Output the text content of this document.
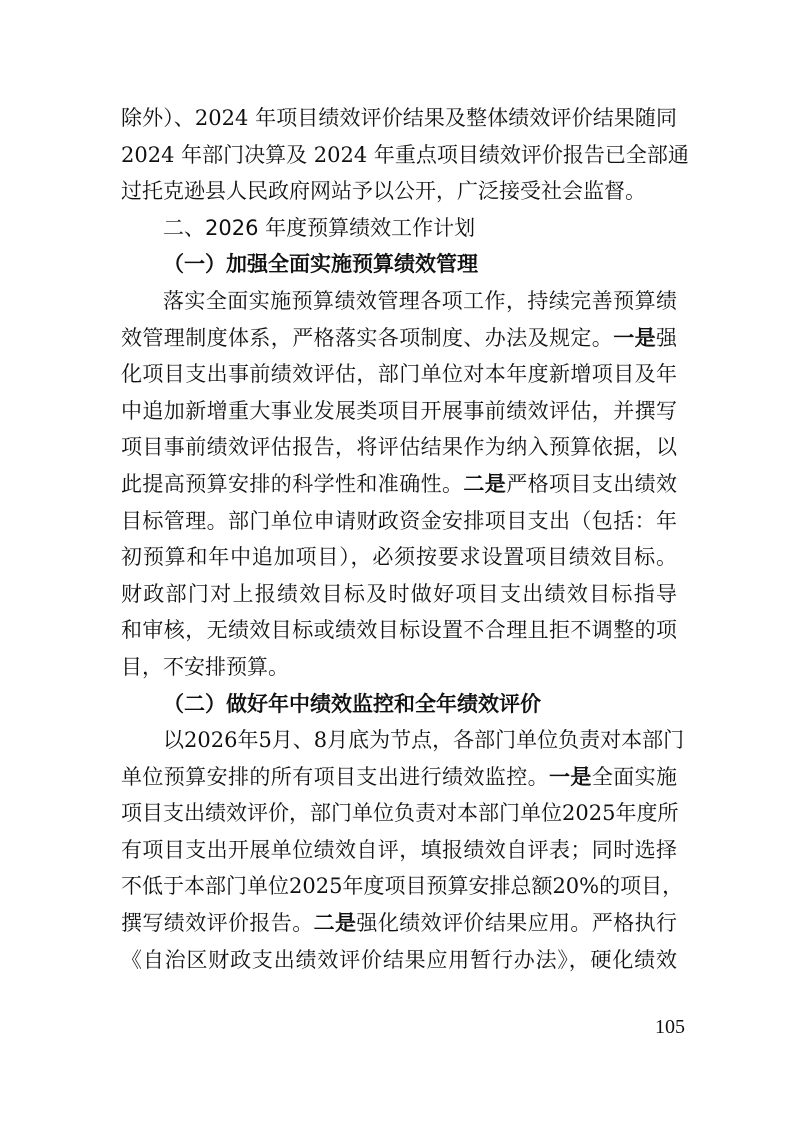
除外）、2024 年项目绩效评价结果及整体绩效评价结果随同
2024 年部门决算及 2024 年重点项目绩效评价报告已全部通
过托克逊县人民政府网站予以公开，广泛接受社会监督。
二、2026 年度预算绩效工作计划
（一）加强全面实施预算绩效管理
落实全面实施预算绩效管理各项工作，持续完善预算绩
效管理制度体系，严格落实各项制度、办法及规定。一是强
化项目支出事前绩效评估，部门单位对本年度新增项目及年
中追加新增重大事业发展类项目开展事前绩效评估，并撰写
项目事前绩效评估报告，将评估结果作为纳入预算依据，以
此提高预算安排的科学性和准确性。二是严格项目支出绩效
目标管理。部门单位申请财政资金安排项目支出（包括：年
初预算和年中追加项目），必须按要求设置项目绩效目标。
财政部门对上报绩效目标及时做好项目支出绩效目标指导
和审核，无绩效目标或绩效目标设置不合理且拒不调整的项
目，不安排预算。
（二）做好年中绩效监控和全年绩效评价
以2026年5月、8月底为节点，各部门单位负责对本部门
单位预算安排的所有项目支出进行绩效监控。一是全面实施
项目支出绩效评价，部门单位负责对本部门单位2025年度所
有项目支出开展单位绩效自评，填报绩效自评表；同时选择
不低于本部门单位2025年度项目预算安排总额20%的项目，
撰写绩效评价报告。二是强化绩效评价结果应用。严格执行
《自治区财政支出绩效评价结果应用暂行办法》，硬化绩效
105
